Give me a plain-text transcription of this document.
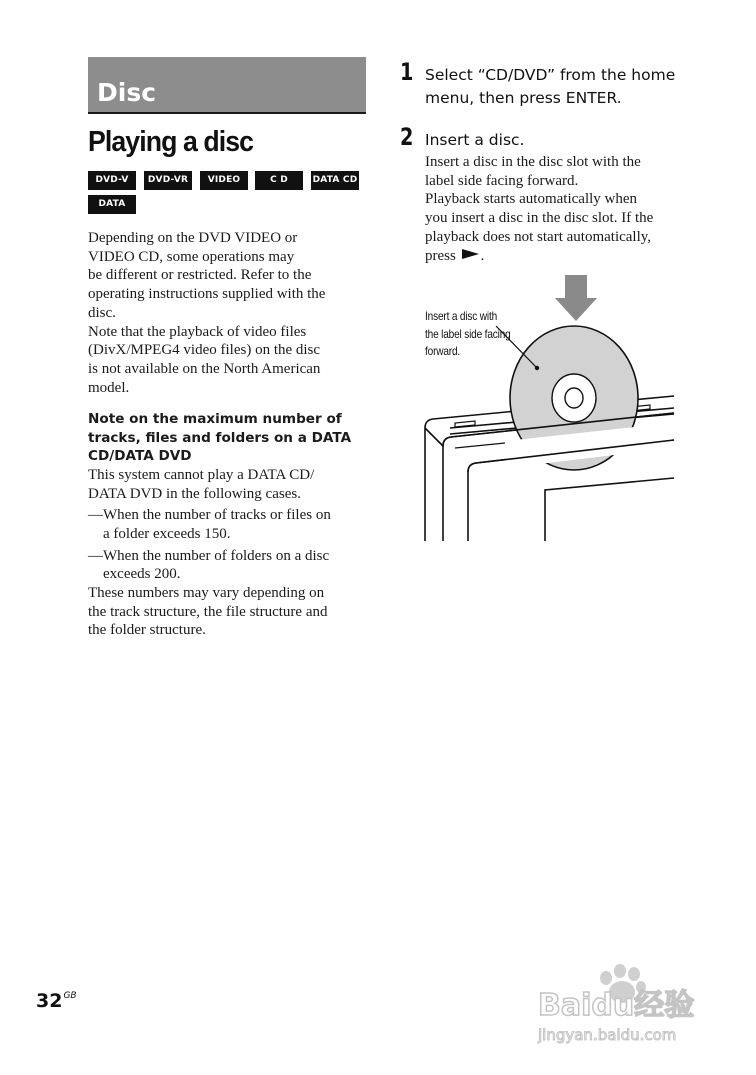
Disc
Playing a disc
DVD-V	DVD-VR	VIDEO CD
C D	DATA CD
DATA DVD

Depending on the DVD VIDEO or

VIDEO CD, some operations may

be different or restricted. Refer to the

operating instructions supplied with the

disc.

Note that the playback of video files

(DivX/MPEG4 video files) on the disc

is not available on the North American

model.

Note on the maximum number of
tracks, files and folders on a DATA
CD/DATA DVD

This system cannot play a DATA CD/

DATA DVD in the following cases.

— When the number of tracks or files on

a folder exceeds 150.

— When the number of folders on a disc

exceeds 200.

These numbers may vary depending on

the track structure, the file structure and

the folder structure.

1 Select “CD/DVD” from the home
menu, then press ENTER.
2 Insert a disc.

Insert a disc in the disc slot with the

label side facing forward.

Playback starts automatically when

you insert a disc in the disc slot. If the

playback does not start automatically,

press .

Insert a disc with
the label side facing
forward.
$32^{GB}$	Baidu经验
jingyan.baidu.com
